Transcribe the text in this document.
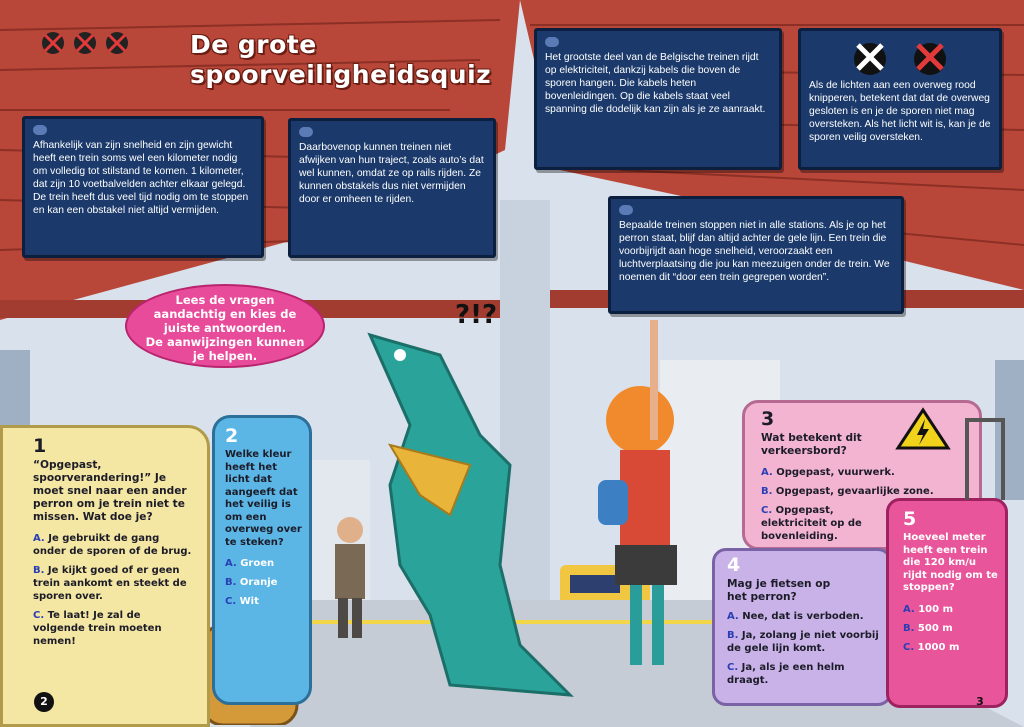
De grote
spoorveiligheidsquiz

Afhankelijk van zijn snelheid en zijn gewicht heeft een trein soms wel een kilometer nodig om volledig tot stilstand te komen. 1 kilometer, dat zijn 10 voetbalvelden achter elkaar gelegd. De trein heeft dus veel tijd nodig om te stoppen en kan een obstakel niet altijd vermijden.

Daarbovenop kunnen treinen niet afwijken van hun traject, zoals auto’s dat wel kunnen, omdat ze op rails rijden. Ze kunnen obstakels dus niet vermijden door er omheen te rijden.

Het grootste deel van de Belgische treinen rijdt op elektriciteit, dankzij kabels die boven de sporen hangen. Die kabels heten bovenleidingen. Op die kabels staat veel spanning die dodelijk kan zijn als je ze aanraakt.

Als de lichten aan een overweg rood knipperen, betekent dat dat de overweg gesloten is en je de sporen niet mag oversteken. Als het licht wit is, kan je de sporen veilig oversteken.

Bepaalde treinen stoppen niet in alle stations. Als je op het perron staat, blijf dan altijd achter de gele lijn. Een trein die voorbijrijdt aan hoge snelheid, veroorzaakt een luchtverplaatsing die jou kan meezuigen onder de trein. We noemen dit “door een trein gegrepen worden”.

Lees de vragen
aandachtig en kies de
juiste antwoorden.
De aanwijzingen kunnen
je helpen.
?!?
1
“Opgepast, spoorverandering!” Je moet snel naar een ander perron om je trein niet te missen. Wat doe je?
A. Je gebruikt de gang onder de sporen of de brug.
B. Je kijkt goed of er geen trein aankomt en steekt de sporen over.
C. Te laat! Je zal de volgende trein moeten nemen!
2
Welke kleur heeft het licht dat aangeeft dat het veilig is om een overweg over te steken?
A. Groen
B. Oranje
C. Wit
3
Wat betekent dit verkeersbord?
A. Opgepast, vuurwerk.
B. Opgepast, gevaarlijke zone.
C. Opgepast, elektriciteit op de bovenleiding.
4
Mag je fietsen op het perron?
A. Nee, dat is verboden.
B. Ja, zolang je niet voorbij de gele lijn komt.
C. Ja, als je een helm draagt.
5
Hoeveel meter heeft een trein die 120 km/u rijdt nodig om te stoppen?
A. 100 m
B. 500 m
C. 1000 m
2	3
